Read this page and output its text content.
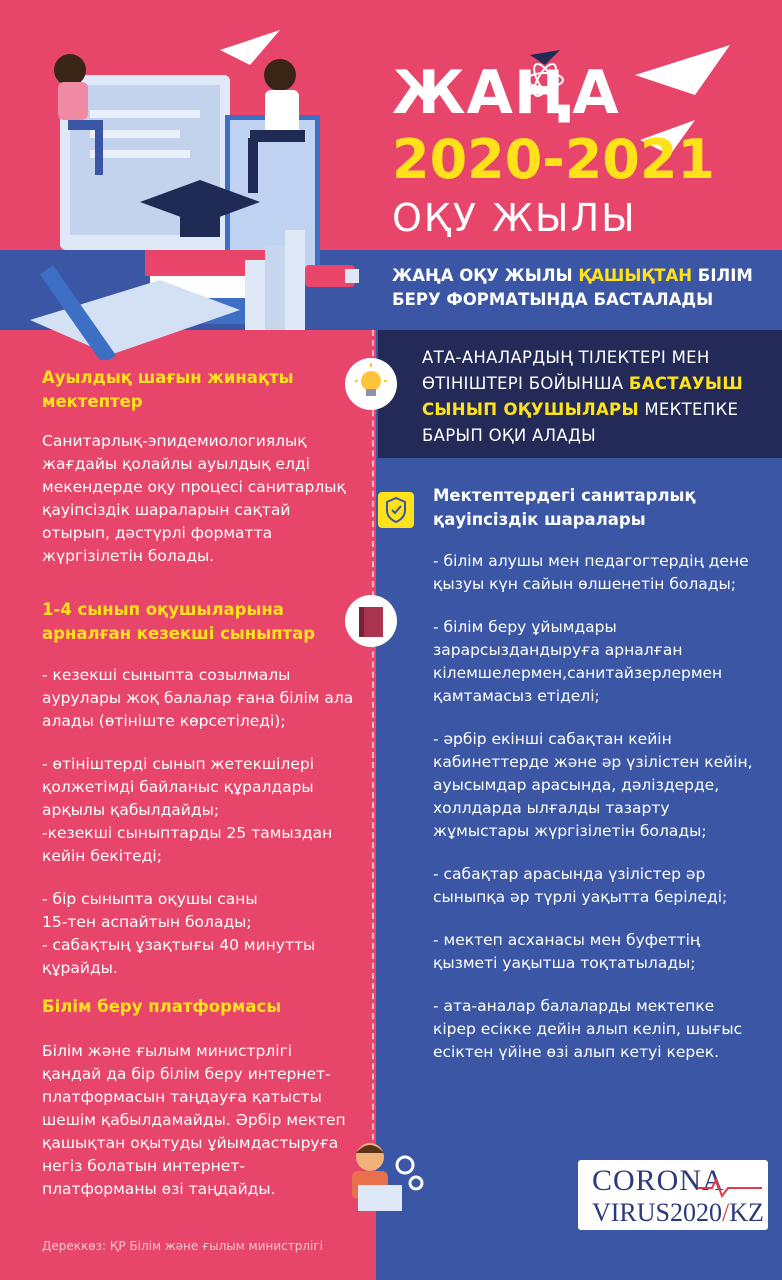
ЖАҢА
2020-2021
ОҚУ ЖЫЛЫ
ЖАҢА ОҚУ ЖЫЛЫ ҚАШЫҚТАН БІЛІМ
БЕРУ ФОРМАТЫНДА БАСТАЛАДЫ
АТА-АНАЛАРДЫҢ ТІЛЕКТЕРІ МЕН
ӨТІНІШТЕРІ БОЙЫНША БАСТАУЫШ
СЫНЫП ОҚУШЫЛАРЫ МЕКТЕПКЕ
БАРЫП ОҚИ АЛАДЫ
Ауылдық шағын жинақты
мектептер
Санитарлық-эпидемиологиялық жағдайы қолайлы ауылдық елді мекендерде оқу процесі санитарлық қауіпсіздік шараларын сақтай отырып, дәстүрлі форматта жүргізілетін болады.
1-4 сынып оқушыларына
арналған кезекші сыныптар

- кезекші сыныпта созылмалы аурулары жоқ балалар ғана білім ала алады (өтініште көрсетіледі);

- өтініштерді сынып жетекшілері қолжетімді байланыс құралдары арқылы қабылдайды;

-кезекші сыныптарды 25 тамыздан кейін бекітеді;

- бір сыныпта оқушы саны
15-тен аспайтын болады;

- сабақтың ұзақтығы 40 минутты құрайды.

Білім беру платформасы
Білім және ғылым министрлігі қандай да бір білім беру интернет-платформасын таңдауға қатысты шешім қабылдамайды. Әрбір мектеп қашықтан оқытуды ұйымдастыруға негіз болатын интернет-платформаны өзі таңдайды.
Дереккөз: ҚР Білім және ғылым министрлігі
Мектептердегі санитарлық
қауіпсіздік шаралары

- білім алушы мен педагогтердің дене қызуы күн сайын өлшенетін болады;

- білім беру ұйымдары зарарсыздандыруға арналған кілемшелермен,санитайзерлермен қамтамасыз етіделі;

- әрбір екінші сабақтан кейін кабинеттерде және әр үзілістен кейін, ауысымдар арасында, дәліздерде, холлдарда ылғалды тазарту жұмыстары жүргізілетін болады;

- сабақтар арасында үзілістер әр сыныпқа әр түрлі уақытта беріледі;

- мектеп асханасы мен буфеттің қызметі уақытша тоқтатылады;

- ата-аналар балаларды мектепке кірер есікке дейін алып келіп, шығыс есіктен үйіне өзі алып кетуі керек.

CORONA
VIRUS2020/KZ
